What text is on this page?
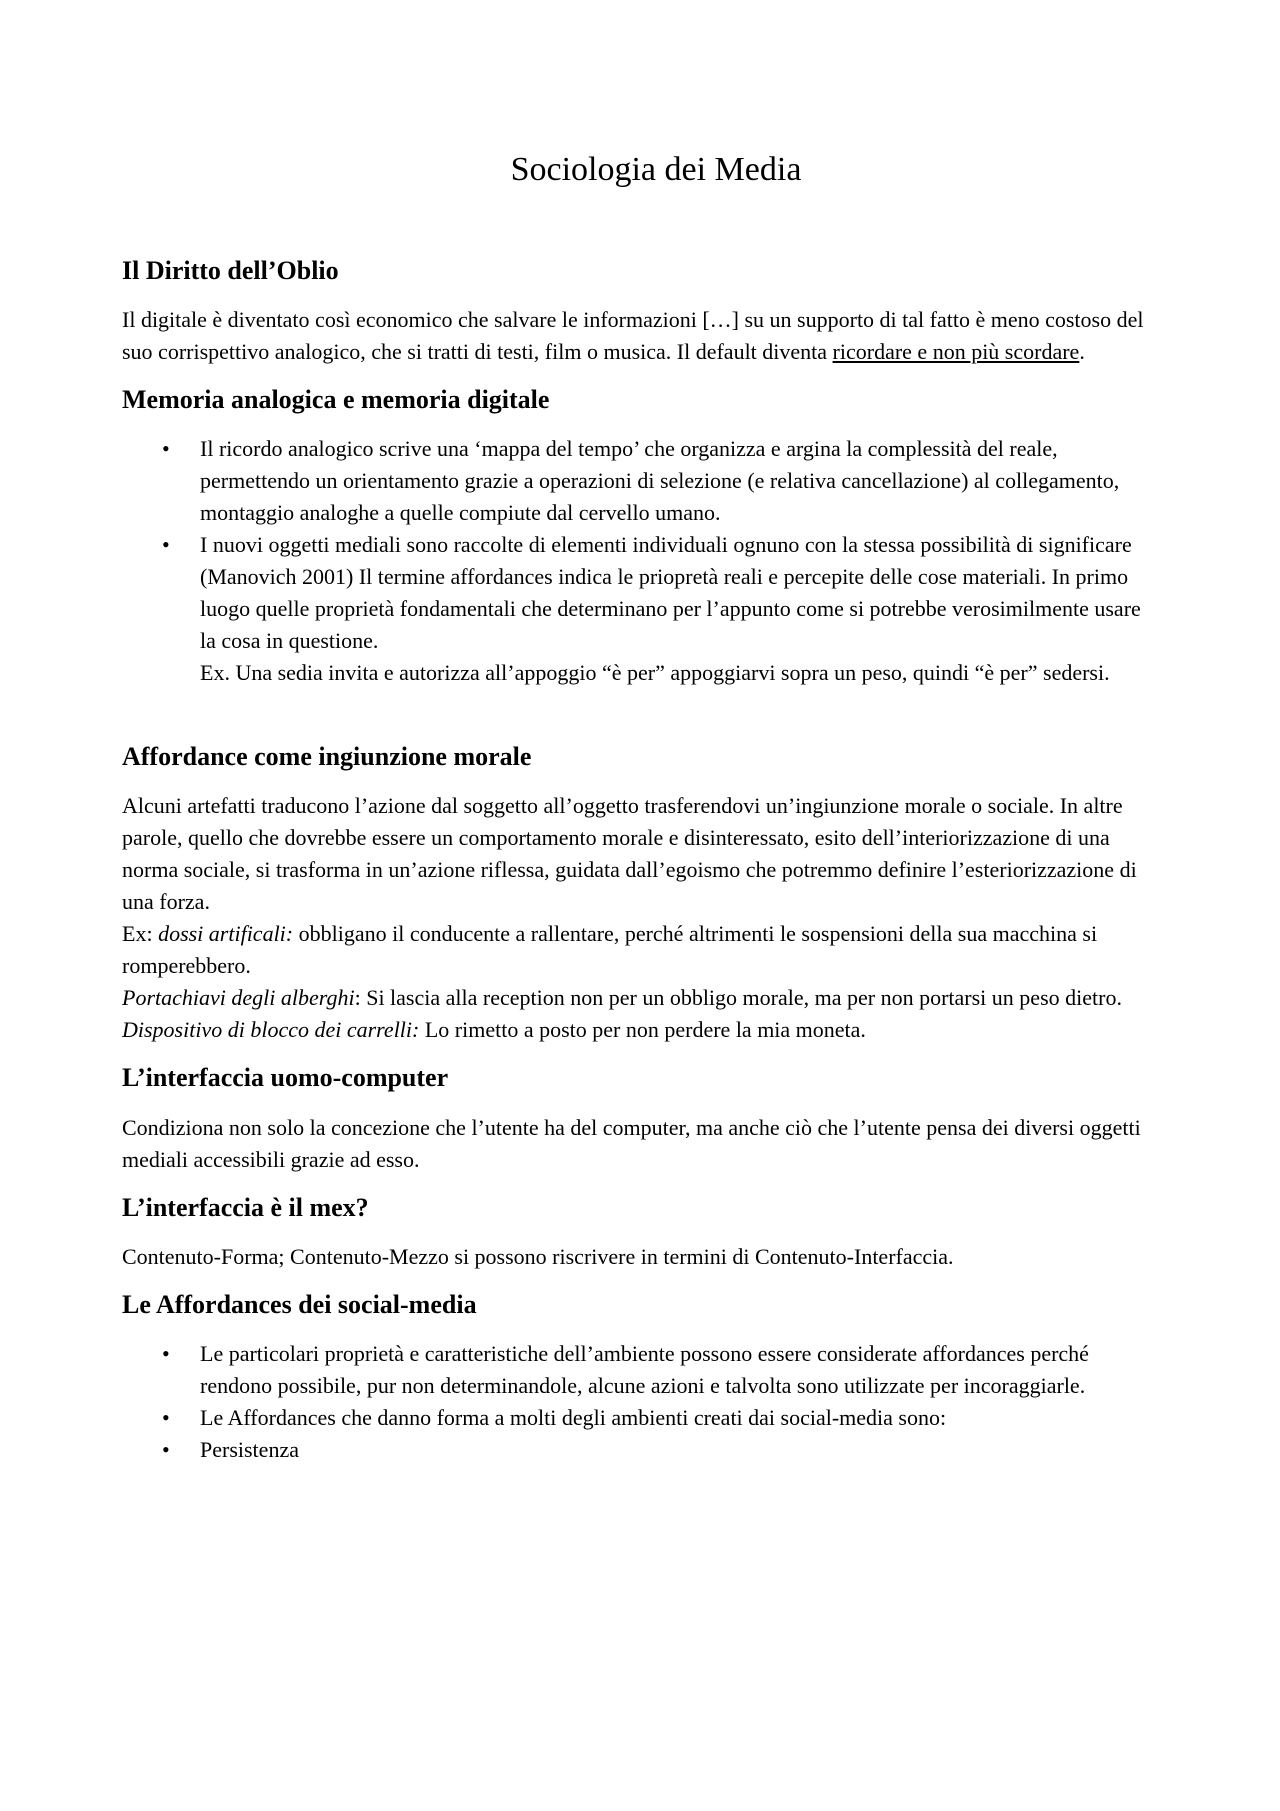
Sociologia dei Media
Il Diritto dell’Oblio

Il digitale è diventato così economico che salvare le informazioni […] su un supporto di tal fatto è meno costoso del suo corrispettivo analogico, che si tratti di testi, film o musica. Il default diventa ricordare e non più scordare.

Memoria analogica e memoria digitale
• Il ricordo analogico scrive una ‘mappa del tempo’ che organizza e argina la complessità del reale, permettendo un orientamento grazie a operazioni di selezione (e relativa cancellazione) al collegamento, montaggio analoghe a quelle compiute dal cervello umano.
• I nuovi oggetti mediali sono raccolte di elementi individuali ognuno con la stessa possibilità di significare (Manovich 2001) Il termine affordances indica le priopretà reali e percepite delle cose materiali. In primo luogo quelle proprietà fondamentali che determinano per l’appunto come si potrebbe verosimilmente usare la cosa in questione.
Ex. Una sedia invita e autorizza all’appoggio “è per” appoggiarvi sopra un peso, quindi “è per” sedersi.
Affordance come ingiunzione morale

Alcuni artefatti traducono l’azione dal soggetto all’oggetto trasferendovi un’ingiunzione morale o sociale. In altre parole, quello che dovrebbe essere un comportamento morale e disinteressato, esito dell’interiorizzazione di una norma sociale, si trasforma in un’azione riflessa, guidata dall’egoismo che potremmo definire l’esteriorizzazione di una forza.
Ex: dossi artificali: obbligano il conducente a rallentare, perché altrimenti le sospensioni della sua macchina si romperebbero.
Portachiavi degli alberghi: Si lascia alla reception non per un obbligo morale, ma per non portarsi un peso dietro.
Dispositivo di blocco dei carrelli: Lo rimetto a posto per non perdere la mia moneta.

L’interfaccia uomo-computer

Condiziona non solo la concezione che l’utente ha del computer, ma anche ciò che l’utente pensa dei diversi oggetti mediali accessibili grazie ad esso.

L’interfaccia è il mex?

Contenuto-Forma; Contenuto-Mezzo si possono riscrivere in termini di Contenuto-Interfaccia.

Le Affordances dei social-media
• Le particolari proprietà e caratteristiche dell’ambiente possono essere considerate affordances perché rendono possibile, pur non determinandole, alcune azioni e talvolta sono utilizzate per incoraggiarle.
• Le Affordances che danno forma a molti degli ambienti creati dai social-media sono:
• Persistenza
